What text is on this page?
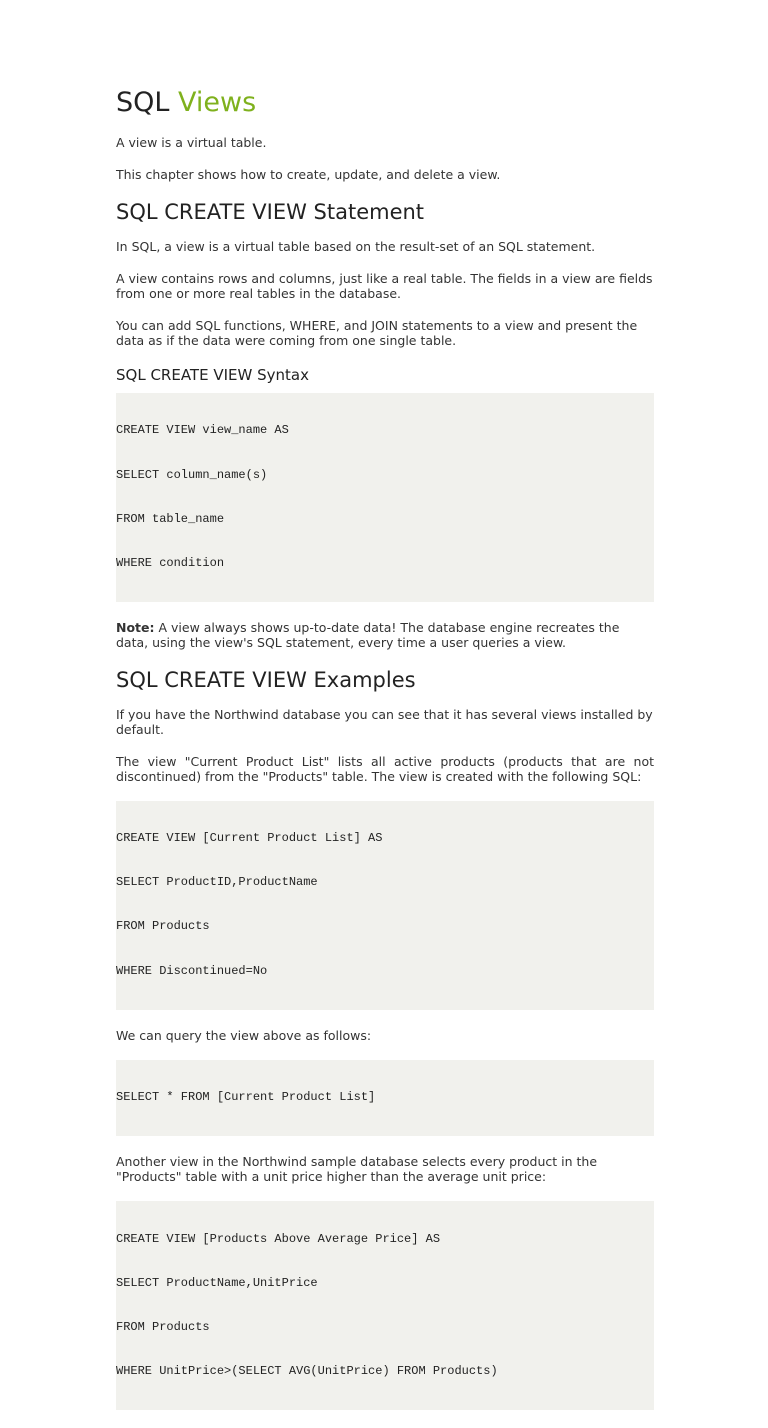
SQL Views

A view is a virtual table.

This chapter shows how to create, update, and delete a view.

SQL CREATE VIEW Statement

In SQL, a view is a virtual table based on the result-set of an SQL statement.

A view contains rows and columns, just like a real table. The fields in a view are fields from one or more real tables in the database.

You can add SQL functions, WHERE, and JOIN statements to a view and present the data as if the data were coming from one single table.

SQL CREATE VIEW Syntax

CREATE VIEW view_name AS

SELECT column_name(s)

FROM table_name

WHERE condition

Note: A view always shows up-to-date data! The database engine recreates the data, using the view's SQL statement, every time a user queries a view.

SQL CREATE VIEW Examples

If you have the Northwind database you can see that it has several views installed by default.

The view "Current Product List" lists all active products (products that are not discontinued) from the "Products" table. The view is created with the following SQL:

CREATE VIEW [Current Product List] AS

SELECT ProductID,ProductName

FROM Products

WHERE Discontinued=No

We can query the view above as follows:

SELECT * FROM [Current Product List]

Another view in the Northwind sample database selects every product in the "Products" table with a unit price higher than the average unit price:

CREATE VIEW [Products Above Average Price] AS

SELECT ProductName,UnitPrice

FROM Products

WHERE UnitPrice>(SELECT AVG(UnitPrice) FROM Products)
